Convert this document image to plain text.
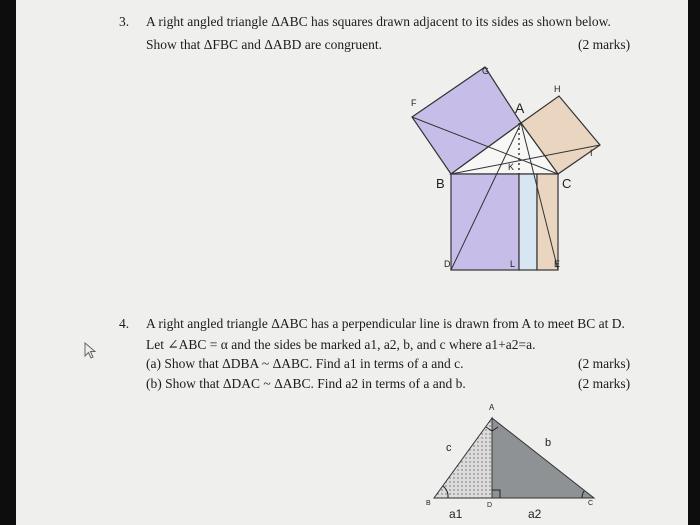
3. A right angled triangle ΔABC has squares drawn adjacent to its sides as shown below.
Show that ΔFBC and ΔABD are congruent.	(2 marks)
G
H
F	A
K
I
B	C
D	L	E
4. A right angled triangle ΔABC has a perpendicular line is drawn from A to meet BC at D.
Let ∠ABC = α and the sides be marked a1, a2, b, and c where a1+a2=a.
(a) Show that ΔDBA ~ ΔABC. Find a1 in terms of a and c.	(2 marks)
(b) Show that ΔDAC ~ ΔABC. Find a2 in terms of a and b.	(2 marks)
A
c	b
B	D	C
a1	a2
